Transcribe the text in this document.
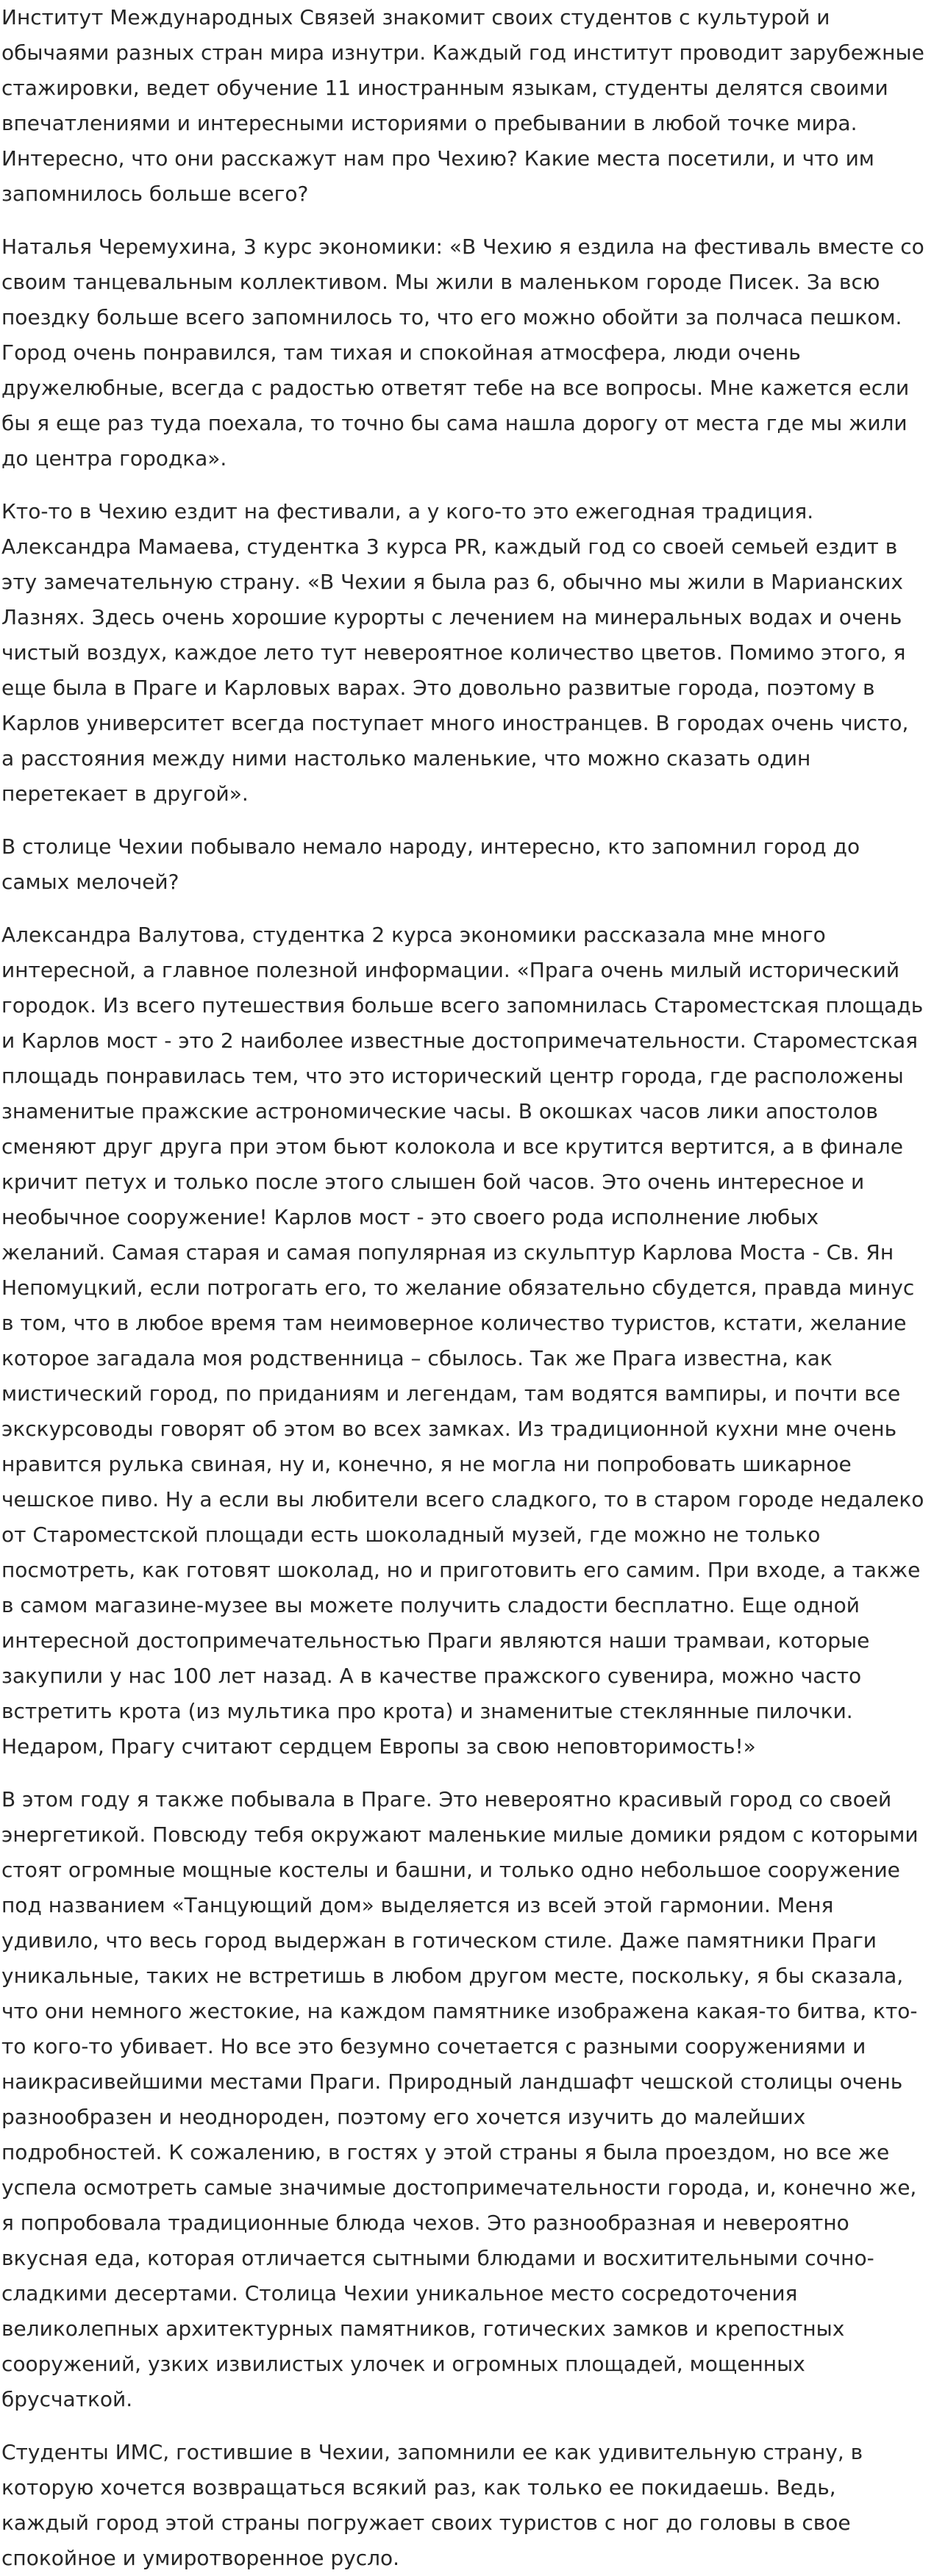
Институт Международных Связей знакомит своих студентов с культурой и обычаями разных стран мира изнутри. Каждый год институт проводит зарубежные стажировки, ведет обучение 11 иностранным языкам, студенты делятся своими впечатлениями и интересными историями о пребывании в любой точке мира. Интересно, что они расскажут нам про Чехию? Какие места посетили, и что им запомнилось больше всего?

Наталья Черемухина, 3 курс экономики: «В Чехию я ездила на фестиваль вместе со своим танцевальным коллективом. Мы жили в маленьком городе Писек. За всю поездку больше всего запомнилось то, что его можно обойти за полчаса пешком. Город очень понравился, там тихая и спокойная атмосфера, люди очень дружелюбные, всегда с радостью ответят тебе на все вопросы. Мне кажется если бы я еще раз туда поехала, то точно бы сама нашла дорогу от места где мы жили до центра городка».

Кто-то в Чехию ездит на фестивали, а у кого-то это ежегодная традиция. Александра Мамаева, студентка 3 курса PR, каждый год со своей семьей ездит в эту замечательную страну. «В Чехии я была раз 6, обычно мы жили в Марианских Лазнях. Здесь очень хорошие курорты с лечением на минеральных водах и очень чистый воздух, каждое лето тут невероятное количество цветов. Помимо этого, я еще была в Праге и Карловых варах. Это довольно развитые города, поэтому в Карлов университет всегда поступает много иностранцев. В городах очень чисто, а расстояния между ними настолько маленькие, что можно сказать один перетекает в другой».

В столице Чехии побывало немало народу, интересно, кто запомнил город до самых мелочей?

Александра Валутова, студентка 2 курса экономики рассказала мне много интересной, а главное полезной информации. «Прага очень милый исторический городок. Из всего путешествия больше всего запомнилась Староместская площадь и Карлов мост - это 2 наиболее известные достопримечательности. Староместская площадь понравилась тем, что это исторический центр города, где расположены знаменитые пражские астрономические часы. В окошках часов лики апостолов сменяют друг друга при этом бьют колокола и все крутится вертится, а в финале кричит петух и только после этого слышен бой часов. Это очень интересное и необычное сооружение! Карлов мост - это своего рода исполнение любых желаний. Самая старая и самая популярная из скульптур Карлова Моста - Св. Ян Непомуцкий, если потрогать его, то желание обязательно сбудется, правда минус в том, что в любое время там неимоверное количество туристов, кстати, желание которое загадала моя родственница – сбылось. Так же Прага известна, как мистический город, по приданиям и легендам, там водятся вампиры, и почти все экскурсоводы говорят об этом во всех замках. Из традиционной кухни мне очень нравится рулька свиная, ну и, конечно, я не могла ни попробовать шикарное чешское пиво. Ну а если вы любители всего сладкого, то в старом городе недалеко от Староместской площади есть шоколадный музей, где можно не только посмотреть, как готовят шоколад, но и приготовить его самим. При входе, а также в самом магазине-музее вы можете получить сладости бесплатно. Еще одной интересной достопримечательностью Праги являются наши трамваи, которые закупили у нас 100 лет назад. А в качестве пражского сувенира, можно часто встретить крота (из мультика про крота) и знаменитые стеклянные пилочки. Недаром, Прагу считают сердцем Европы за свою неповторимость!»

В этом году я также побывала в Праге. Это невероятно красивый город со своей энергетикой. Повсюду тебя окружают маленькие милые домики рядом с которыми стоят огромные мощные костелы и башни, и только одно небольшое сооружение под названием «Танцующий дом» выделяется из всей этой гармонии. Меня удивило, что весь город выдержан в готическом стиле. Даже памятники Праги уникальные, таких не встретишь в любом другом месте, поскольку, я бы сказала, что они немного жестокие, на каждом памятнике изображена какая-то битва, кто-то кого-то убивает. Но все это безумно сочетается с разными сооружениями и наикрасивейшими местами Праги. Природный ландшафт чешской столицы очень разнообразен и неоднороден, поэтому его хочется изучить до малейших подробностей. К сожалению, в гостях у этой страны я была проездом, но все же успела осмотреть самые значимые достопримечательности города, и, конечно же, я попробовала традиционные блюда чехов. Это разнообразная и невероятно вкусная еда, которая отличается сытными блюдами и восхитительными сочно-сладкими десертами. Столица Чехии уникальное место сосредоточения великолепных архитектурных памятников, готических замков и крепостных сооружений, узких извилистых улочек и огромных площадей, мощенных брусчаткой.

Студенты ИМС, гостившие в Чехии, запомнили ее как удивительную страну, в которую хочется возвращаться всякий раз, как только ее покидаешь. Ведь, каждый город этой страны погружает своих туристов с ног до головы в свое спокойное и умиротворенное русло.
